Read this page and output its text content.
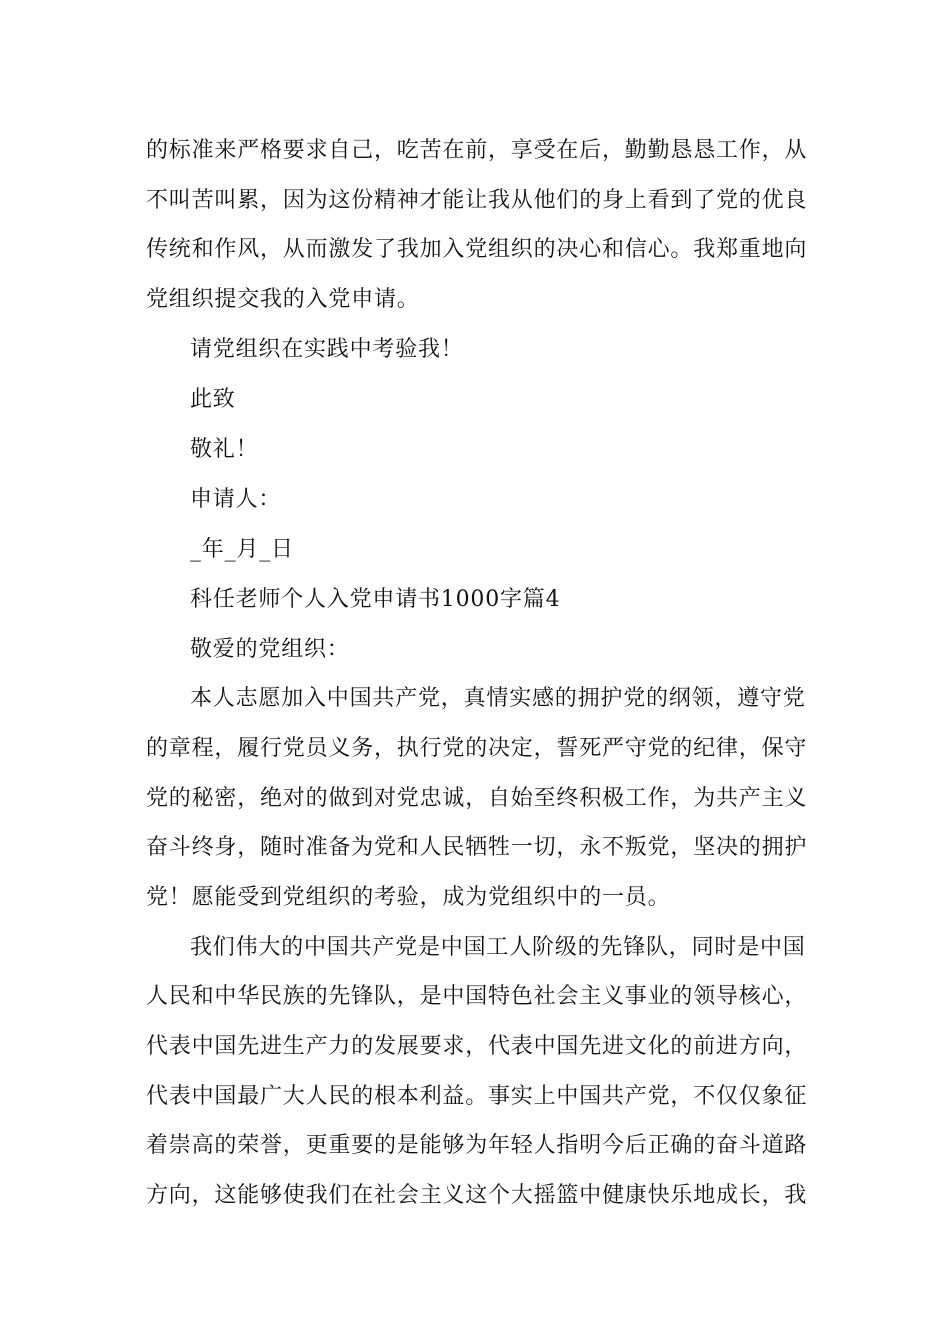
的标准来严格要求自己，吃苦在前，享受在后，勤勤恳恳工作，从
不叫苦叫累，因为这份精神才能让我从他们的身上看到了党的优良
传统和作风，从而激发了我加入党组织的决心和信心。我郑重地向
党组织提交我的入党申请。
请党组织在实践中考验我！
此致
敬礼！
申请人：
_年_月_日
科任老师个人入党申请书1000字篇4
敬爱的党组织：
本人志愿加入中国共产党，真情实感的拥护党的纲领，遵守党
的章程，履行党员义务，执行党的决定，誓死严守党的纪律，保守
党的秘密，绝对的做到对党忠诚，自始至终积极工作，为共产主义
奋斗终身，随时准备为党和人民牺牲一切，永不叛党，坚决的拥护
党！愿能受到党组织的考验，成为党组织中的一员。
我们伟大的中国共产党是中国工人阶级的先锋队，同时是中国
人民和中华民族的先锋队，是中国特色社会主义事业的领导核心，
代表中国先进生产力的发展要求，代表中国先进文化的前进方向，
代表中国最广大人民的根本利益。事实上中国共产党，不仅仅象征
着崇高的荣誉，更重要的是能够为年轻人指明今后正确的奋斗道路
方向，这能够使我们在社会主义这个大摇篮中健康快乐地成长，我
